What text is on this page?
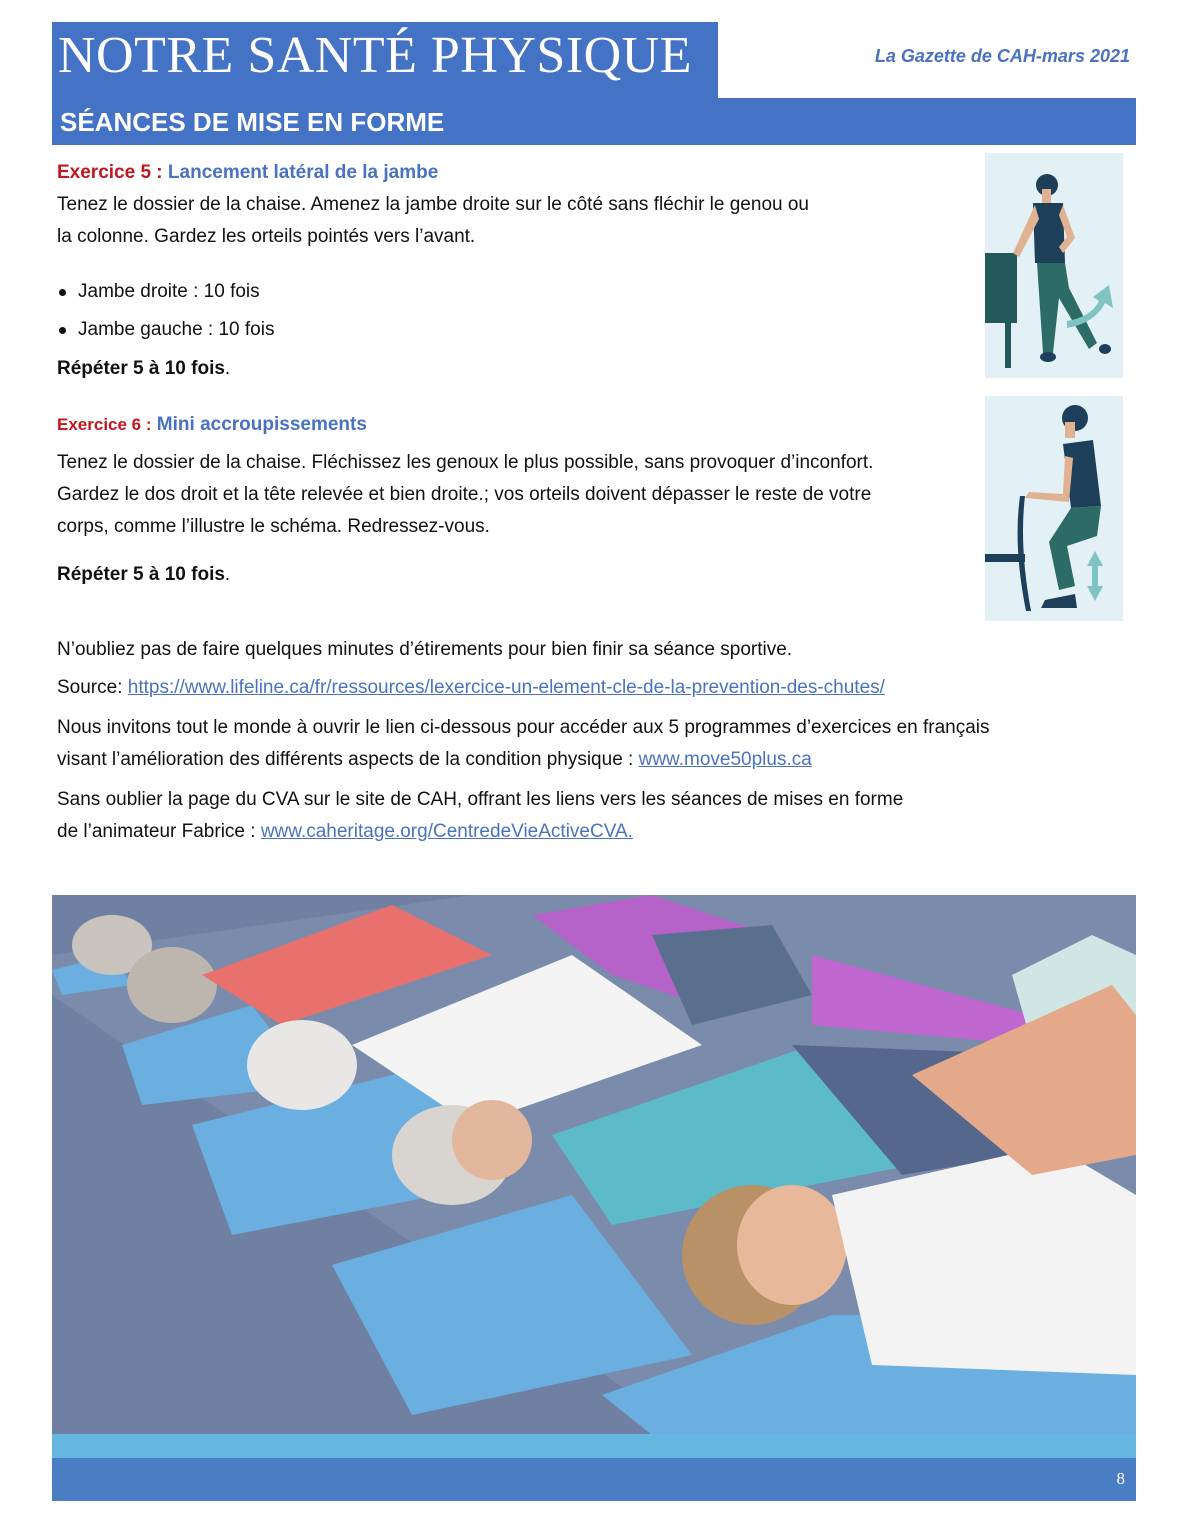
NOTRE SANTÉ PHYSIQUE	La Gazette de CAH-mars 2021
SÉANCES DE MISE EN FORME
Exercice 5 : Lancement latéral de la jambe

Tenez le dossier de la chaise. Amenez la jambe droite sur le côté sans fléchir le genou ou

la colonne. Gardez les orteils pointés vers l’avant.

Jambe droite : 10 fois
Jambe gauche : 10 fois

Répéter 5 à 10 fois.

Exercice 6 : Mini accroupissements

Tenez le dossier de la chaise. Fléchissez les genoux le plus possible, sans provoquer d’inconfort.

Gardez le dos droit et la tête relevée et bien droite.; vos orteils doivent dépasser le reste de votre

corps, comme l’illustre le schéma. Redressez-vous.

Répéter 5 à 10 fois.

N’oubliez pas de faire quelques minutes d’étirements pour bien finir sa séance sportive.

Source: https://www.lifeline.ca/fr/ressources/lexercice-un-element-cle-de-la-prevention-des-chutes/

Nous invitons tout le monde à ouvrir le lien ci-dessous pour accéder aux 5 programmes d’exercices en français

visant l’amélioration des différents aspects de la condition physique : www.move50plus.ca

Sans oublier la page du CVA sur le site de CAH, offrant les liens vers les séances de mises en forme

de l’animateur Fabrice : www.caheritage.org/CentredeVieActiveCVA.

8
